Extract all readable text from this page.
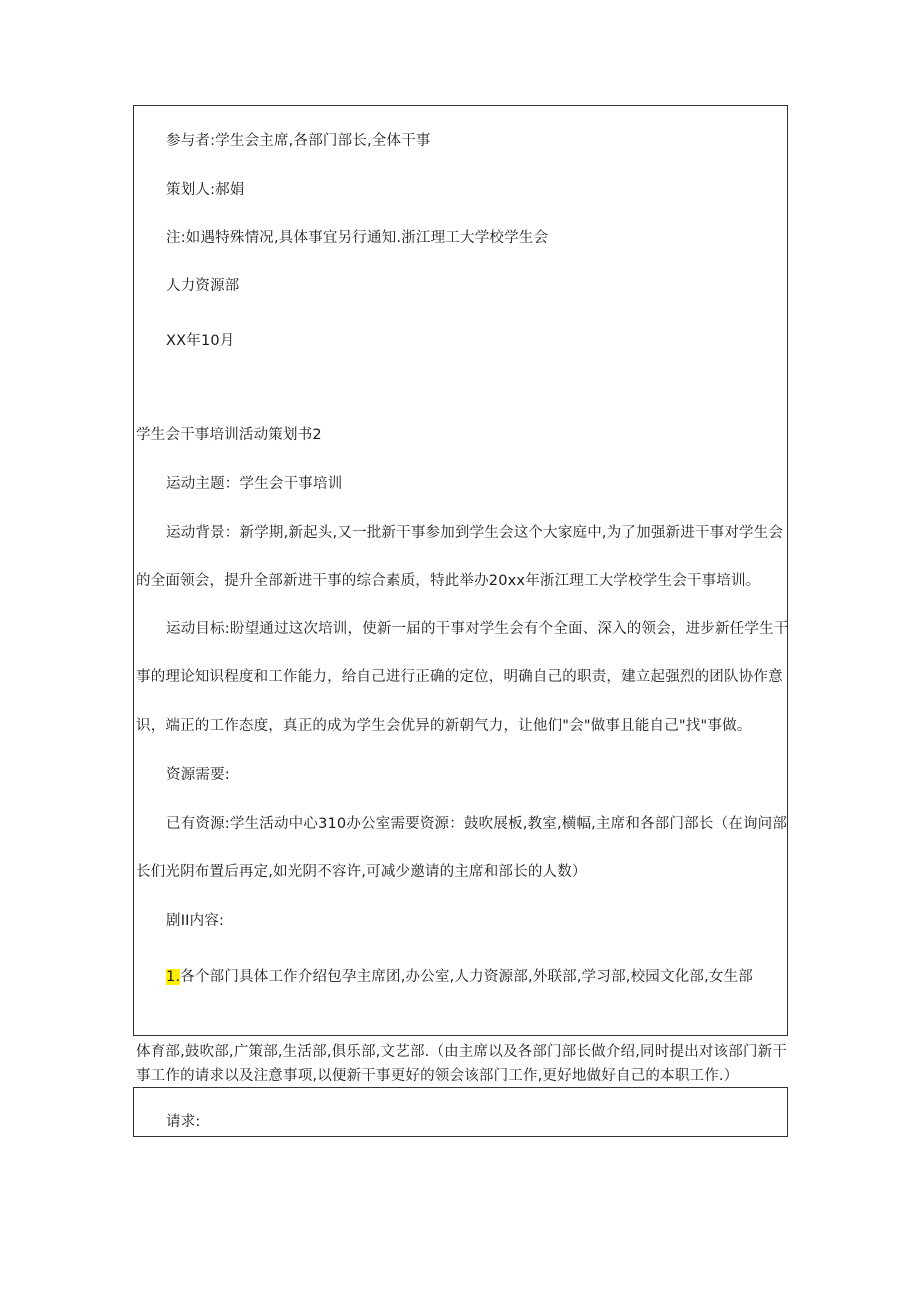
参与者:学生会主席,各部门部长,全体干事
策划人:郝娟
注:如遇特殊情况,具体事宜另行通知.浙江理工大学校学生会
人力资源部
XX年10月
学生会干事培训活动策划书2
运动主题：学生会干事培训
运动背景：新学期,新起头,又一批新干事参加到学生会这个大家庭中,为了加强新进干事对学生会
的全面领会，提升全部新进干事的综合素质，特此举办20xx年浙江理工大学校学生会干事培训。
运动目标:盼望通过这次培训，使新一届的干事对学生会有个全面、深入的领会，进步新任学生干
事的理论知识程度和工作能力，给自己进行正确的定位，明确自己的职责，建立起强烈的团队协作意
识，端正的工作态度，真正的成为学生会优异的新朝气力，让他们"会"做事且能自己"找"事做。
资源需要:
已有资源:学生活动中心310办公室需要资源：鼓吹展板,教室,横幅,主席和各部门部长（在询问部
长们光阴布置后再定,如光阴不容许,可减少邀请的主席和部长的人数）
剧II内容:
1.各个部门具体工作介绍包孕主席团,办公室,人力资源部,外联部,学习部,校园文化部,女生部
体育部,鼓吹部,广策部,生活部,俱乐部,文艺部.（由主席以及各部门部长做介绍,同时提出对该部门新干
事工作的请求以及注意事项,以便新干事更好的领会该部门工作,更好地做好自己的本职工作.）
请求:
